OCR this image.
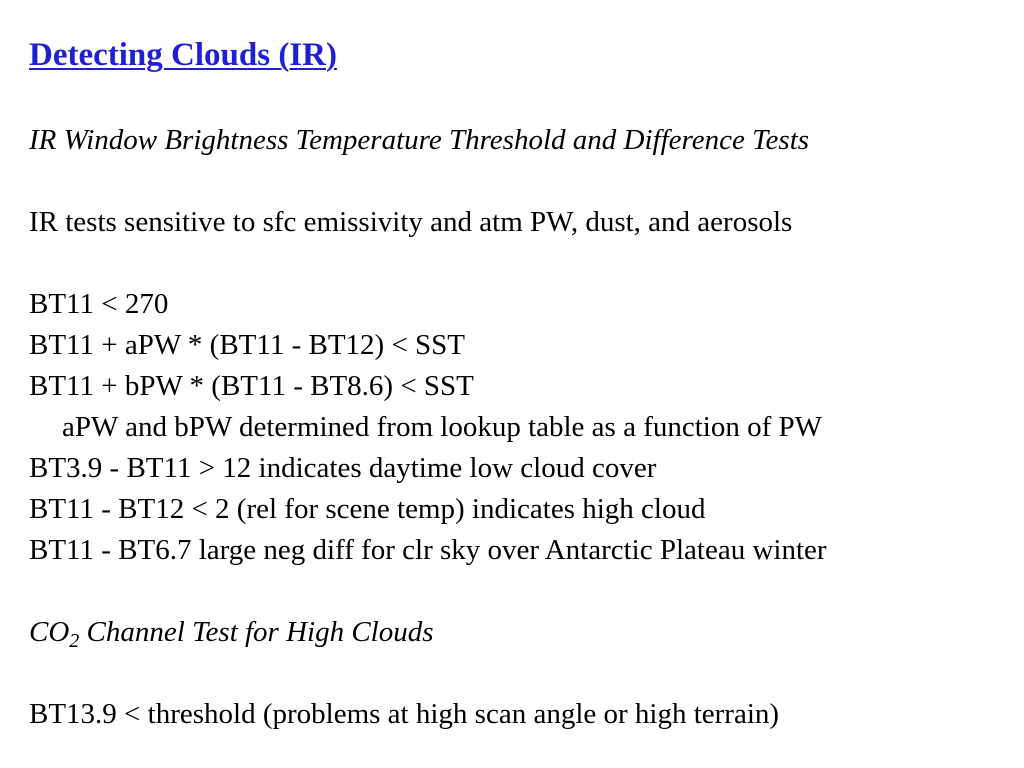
Detecting Clouds (IR)
IR Window Brightness Temperature Threshold and Difference Tests
IR tests sensitive to sfc emissivity and atm PW, dust, and aerosols
BT11 < 270
BT11 + aPW * (BT11 - BT12) < SST
BT11 + bPW * (BT11 - BT8.6) < SST
aPW and bPW determined from lookup table as a function of PW
BT3.9 - BT11 > 12 indicates daytime low cloud cover
BT11 - BT12 < 2 (rel for scene temp) indicates high cloud
BT11 - BT6.7 large neg diff for clr sky over Antarctic Plateau winter
$CO_2$ Channel Test for High Clouds
BT13.9 < threshold (problems at high scan angle or high terrain)
